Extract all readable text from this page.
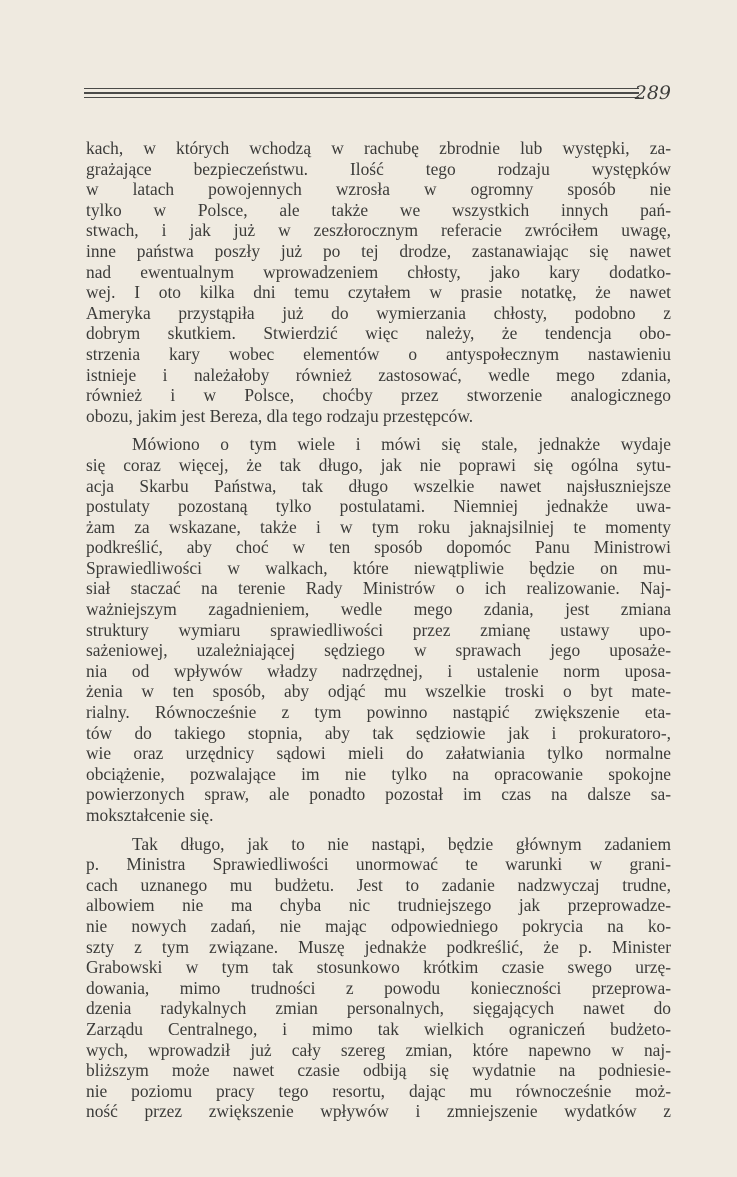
289
kach, w których wchodzą w rachubę zbrodnie lub występki, za-
grażające bezpieczeństwu. Ilość tego rodzaju występków
w latach powojennych wzrosła w ogromny sposób nie
tylko w Polsce, ale także we wszystkich innych pań-
stwach, i jak już w zeszłorocznym referacie zwróciłem uwagę,
inne państwa poszły już po tej drodze, zastanawiając się nawet
nad ewentualnym wprowadzeniem chłosty, jako kary dodatko-
wej. I oto kilka dni temu czytałem w prasie notatkę, że nawet
Ameryka przystąpiła już do wymierzania chłosty, podobno z
dobrym skutkiem. Stwierdzić więc należy, że tendencja obo-
strzenia kary wobec elementów o antyspołecznym nastawieniu
istnieje i należałoby również zastosować, wedle mego zdania,
również i w Polsce, choćby przez stworzenie analogicznego
obozu, jakim jest Bereza, dla tego rodzaju przestępców.
Mówiono o tym wiele i mówi się stale, jednakże wydaje
się coraz więcej, że tak długo, jak nie poprawi się ogólna sytu-
acja Skarbu Państwa, tak długo wszelkie nawet najsłuszniejsze
postulaty pozostaną tylko postulatami. Niemniej jednakże uwa-
żam za wskazane, także i w tym roku jaknajsilniej te momenty
podkreślić, aby choć w ten sposób dopomóc Panu Ministrowi
Sprawiedliwości w walkach, które niewątpliwie będzie on mu-
siał staczać na terenie Rady Ministrów o ich realizowanie. Naj-
ważniejszym zagadnieniem, wedle mego zdania, jest zmiana
struktury wymiaru sprawiedliwości przez zmianę ustawy upo-
sażeniowej, uzależniającej sędziego w sprawach jego uposaże-
nia od wpływów władzy nadrzędnej, i ustalenie norm uposa-
żenia w ten sposób, aby odjąć mu wszelkie troski o byt mate-
rialny. Równocześnie z tym powinno nastąpić zwiększenie eta-
tów do takiego stopnia, aby tak sędziowie jak i prokuratoro-,
wie oraz urzędnicy sądowi mieli do załatwiania tylko normalne
obciążenie, pozwalające im nie tylko na opracowanie spokojne
powierzonych spraw, ale ponadto pozostał im czas na dalsze sa-
mokształcenie się.
Tak długo, jak to nie nastąpi, będzie głównym zadaniem
p. Ministra Sprawiedliwości unormować te warunki w grani-
cach uznanego mu budżetu. Jest to zadanie nadzwyczaj trudne,
albowiem nie ma chyba nic trudniejszego jak przeprowadze-
nie nowych zadań, nie mając odpowiedniego pokrycia na ko-
szty z tym związane. Muszę jednakże podkreślić, że p. Minister
Grabowski w tym tak stosunkowo krótkim czasie swego urzę-
dowania, mimo trudności z powodu konieczności przeprowa-
dzenia radykalnych zmian personalnych, sięgających nawet do
Zarządu Centralnego, i mimo tak wielkich ograniczeń budżeto-
wych, wprowadził już cały szereg zmian, które napewno w naj-
bliższym może nawet czasie odbiją się wydatnie na podniesie-
nie poziomu pracy tego resortu, dając mu równocześnie moż-
ność przez zwiększenie wpływów i zmniejszenie wydatków z
